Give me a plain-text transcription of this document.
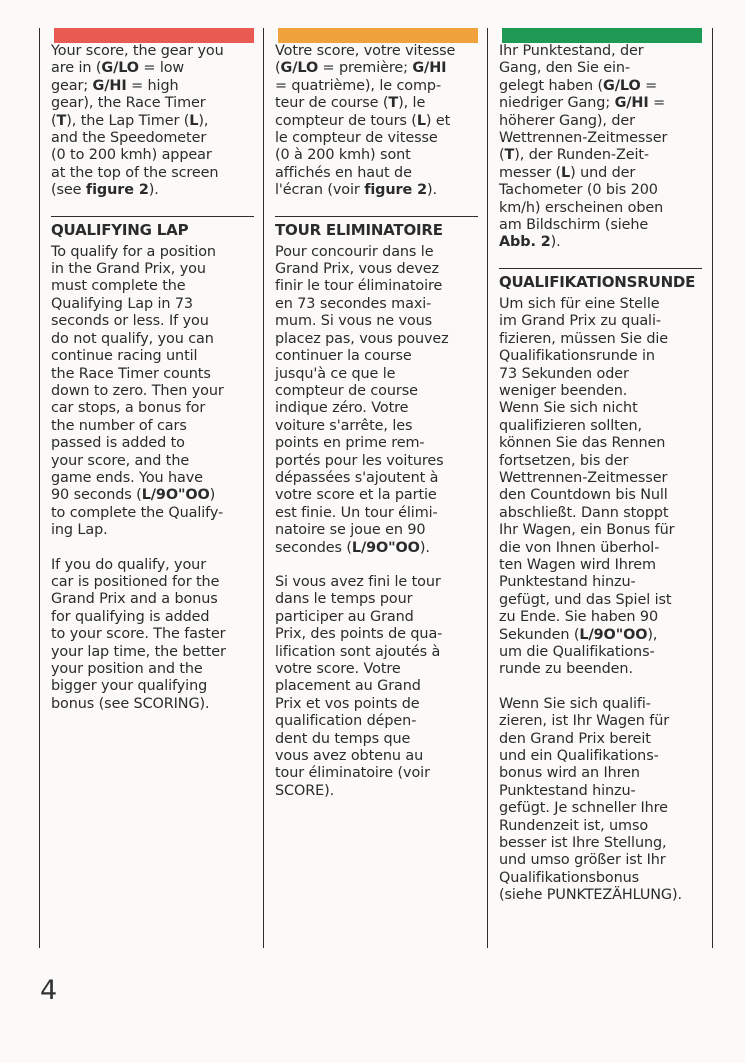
Your score, the gear you
are in (G/LO = low
gear; G/HI = high
gear), the Race Timer
(T), the Lap Timer (L),
and the Speedometer
(0 to 200 kmh) appear
at the top of the screen
(see figure 2).

QUALIFYING LAP

To qualify for a position
in the Grand Prix, you
must complete the
Qualifying Lap in 73
seconds or less. If you
do not qualify, you can
continue racing until
the Race Timer counts
down to zero. Then your
car stops, a bonus for
the number of cars
passed is added to
your score, and the
game ends. You have
90 seconds (L/9O"OO)
to complete the Qualify-
ing Lap.

If you do qualify, your
car is positioned for the
Grand Prix and a bonus
for qualifying is added
to your score. The faster
your lap time, the better
your position and the
bigger your qualifying
bonus (see SCORING).

Votre score, votre vitesse
(G/LO = première; G/HI
= quatrième), le comp-
teur de course (T), le
compteur de tours (L) et
le compteur de vitesse
(0 à 200 kmh) sont
affichés en haut de
l'écran (voir figure 2).

TOUR ELIMINATOIRE

Pour concourir dans le
Grand Prix, vous devez
finir le tour éliminatoire
en 73 secondes maxi-
mum. Si vous ne vous
placez pas, vous pouvez
continuer la course
jusqu'à ce que le
compteur de course
indique zéro. Votre
voiture s'arrête, les
points en prime rem-
portés pour les voitures
dépassées s'ajoutent à
votre score et la partie
est finie. Un tour élimi-
natoire se joue en 90
secondes (L/9O"OO).

Si vous avez fini le tour
dans le temps pour
participer au Grand
Prix, des points de qua-
lification sont ajoutés à
votre score. Votre
placement au Grand
Prix et vos points de
qualification dépen-
dent du temps que
vous avez obtenu au
tour éliminatoire (voir
SCORE).

Ihr Punktestand, der
Gang, den Sie ein-
gelegt haben (G/LO =
niedriger Gang; G/HI =
höherer Gang), der
Wettrennen-Zeitmesser
(T), der Runden-Zeit-
messer (L) und der
Tachometer (0 bis 200
km/h) erscheinen oben
am Bildschirm (siehe
Abb. 2).

QUALIFIKATIONSRUNDE

Um sich für eine Stelle
im Grand Prix zu quali-
fizieren, müssen Sie die
Qualifikationsrunde in
73 Sekunden oder
weniger beenden.
Wenn Sie sich nicht
qualifizieren sollten,
können Sie das Rennen
fortsetzen, bis der
Wettrennen-Zeitmesser
den Countdown bis Null
abschließt. Dann stoppt
Ihr Wagen, ein Bonus für
die von Ihnen überhol-
ten Wagen wird Ihrem
Punktestand hinzu-
gefügt, und das Spiel ist
zu Ende. Sie haben 90
Sekunden (L/9O"OO),
um die Qualifikations-
runde zu beenden.

Wenn Sie sich qualifi-
zieren, ist Ihr Wagen für
den Grand Prix bereit
und ein Qualifikations-
bonus wird an Ihren
Punktestand hinzu-
gefügt. Je schneller Ihre
Rundenzeit ist, umso
besser ist Ihre Stellung,
und umso größer ist Ihr
Qualifikationsbonus
(siehe PUNKTEZÄHLUNG).

4
